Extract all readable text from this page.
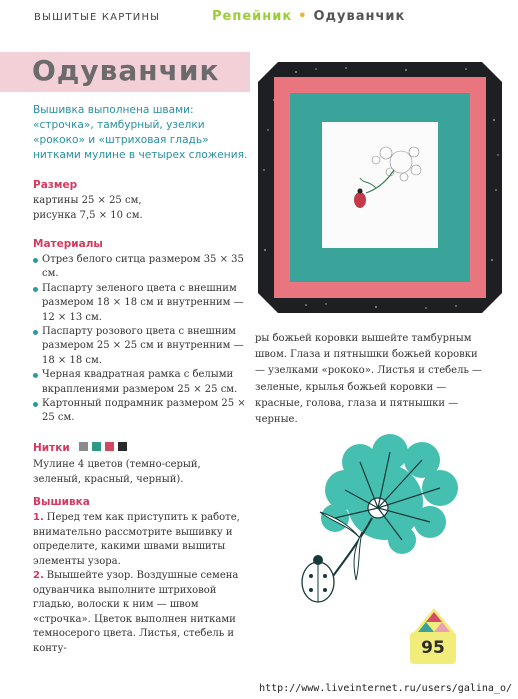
ВЫШИТЫЕ КАРТИНЫ	Репейник • Одуванчик
Одуванчик
Вышивка выполнена швами: «строчка», тамбурный, узелки «рококо» и «штриховая гладь» нитками мулине в четырех сложения.
Размер
картины 25 × 25 см,
рисунка 7,5 × 10 см.
Материалы
Отрез белого ситца размером 35 × 35 см.
Паспарту зеленого цвета с внешним размером 18 × 18 см и внутренним — 12 × 13 см.
Паспарту розового цвета с внешним размером 25 × 25 см и внутренним — 18 × 18 см.
Черная квадратная рамка с белыми вкраплениями размером 25 × 25 см.
Картонный подрамник размером 25 × 25 см.
Нитки
Мулине 4 цветов (темно-серый, зеленый, красный, черный).
Вышивка
1. Перед тем как приступить к работе, внимательно рассмотрите вышивку и определите, какими швами вышиты элементы узора.
2. Выышейте узор. Воздушные семена одуванчика выполните штриховой гладью, волоски к ним — швом «строчка». Цветок выполнен нитками темносерого цвета. Листья, стебель и конту-
ры божьей коровки вышейте тамбурным швом. Глаза и пятнышки божьей коровки — узелками «рококо». Листья и стебель — зеленые, крылья божьей коровки — красные, голова, глаза и пятнышки — черные.
95
http://www.liveinternet.ru/users/galina_o/
